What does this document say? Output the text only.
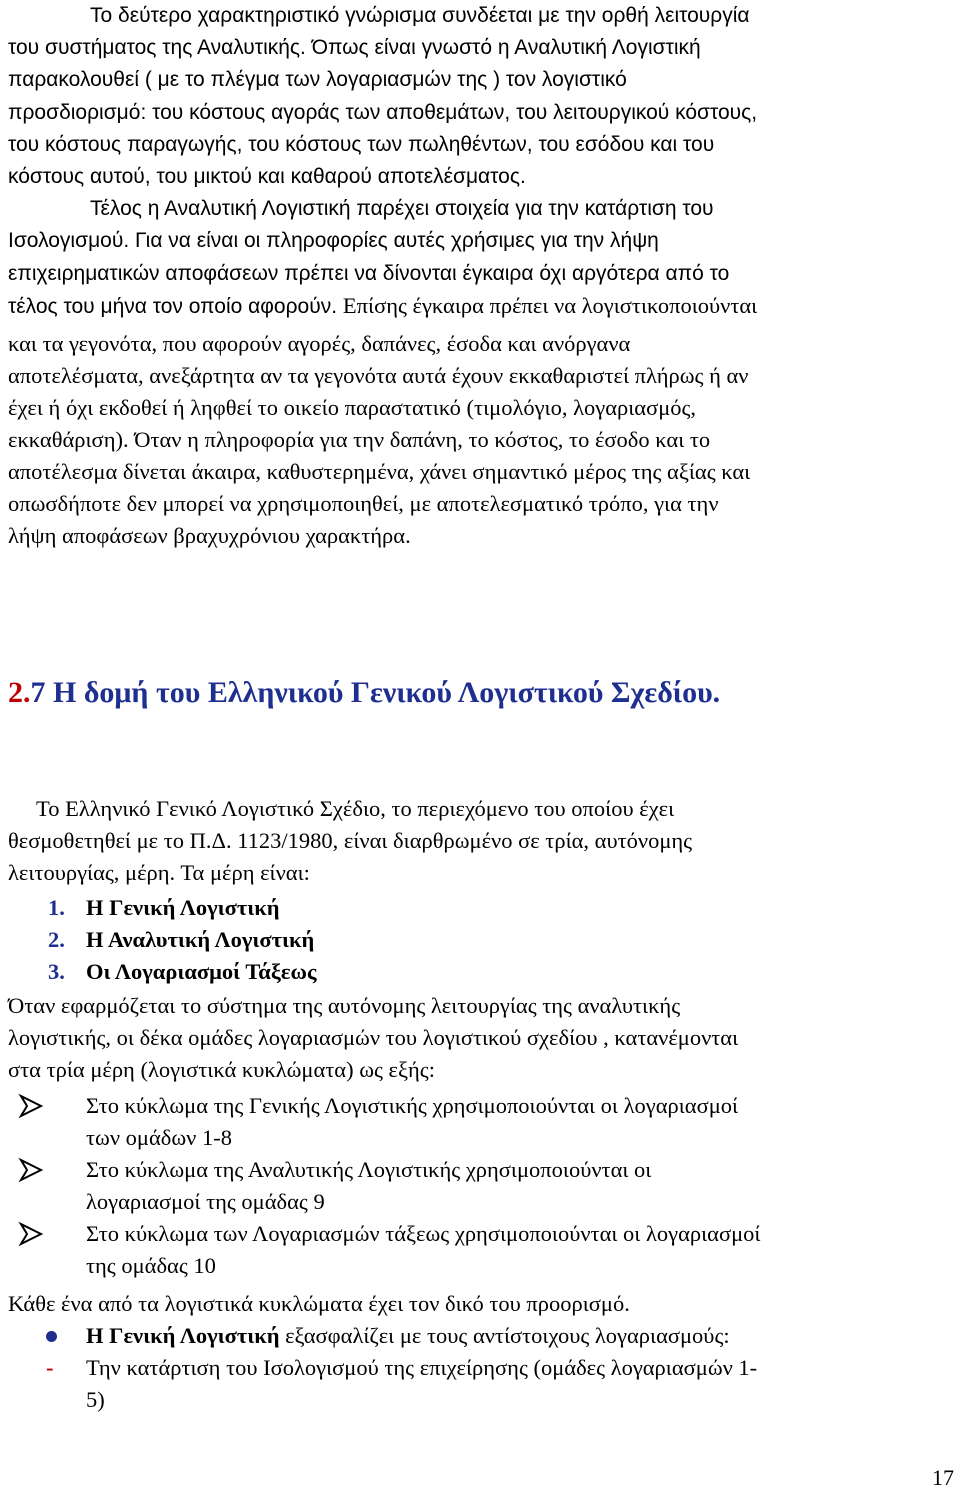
Το δεύτερο χαρακτηριστικό γνώρισμα συνδέεται με την ορθή λειτουργία
του συστήματος της Αναλυτικής. Όπως είναι γνωστό η Αναλυτική Λογιστική
παρακολουθεί ( με το πλέγμα των λογαριασμών της ) τον λογιστικό
προσδιορισμό: του κόστους αγοράς των αποθεμάτων, του λειτουργικού κόστους,
του κόστους παραγωγής, του κόστους των πωληθέντων, του εσόδου και του
κόστους αυτού, του μικτού και καθαρού αποτελέσματος.
Τέλος η Αναλυτική Λογιστική παρέχει στοιχεία για την κατάρτιση του
Ισολογισμού. Για να είναι οι πληροφορίες αυτές χρήσιμες για την λήψη
επιχειρηματικών αποφάσεων πρέπει να δίνονται έγκαιρα όχι αργότερα από το
τέλος του μήνα τον οποίο αφορούν. Επίσης έγκαιρα πρέπει να λογιστικοποιούνται
και τα γεγονότα, που αφορούν αγορές, δαπάνες, έσοδα και ανόργανα
αποτελέσματα, ανεξάρτητα αν τα γεγονότα αυτά έχουν εκκαθαριστεί πλήρως ή αν
έχει ή όχι εκδοθεί ή ληφθεί το οικείο παραστατικό (τιμολόγιο, λογαριασμός,
εκκαθάριση). Όταν η πληροφορία για την δαπάνη, το κόστος, το έσοδο και το
αποτέλεσμα δίνεται άκαιρα, καθυστερημένα, χάνει σημαντικό μέρος της αξίας και
οπωσδήποτε δεν μπορεί να χρησιμοποιηθεί, με αποτελεσματικό τρόπο, για την
λήψη αποφάσεων βραχυχρόνιου χαρακτήρα.
2.7 Η δομή του Ελληνικού Γενικού Λογιστικού Σχεδίου.
Το Ελληνικό Γενικό Λογιστικό Σχέδιο, το περιεχόμενο του οποίου έχει
θεσμοθετηθεί με το Π.Δ. 1123/1980, είναι διαρθρωμένο σε τρία, αυτόνομης
λειτουργίας, μέρη. Τα μέρη είναι:
1. Η Γενική Λογιστική
2. Η Αναλυτική Λογιστική
3. Οι Λογαριασμοί Τάξεως
Όταν εφαρμόζεται το σύστημα της αυτόνομης λειτουργίας της αναλυτικής
λογιστικής, οι δέκα ομάδες λογαριασμών του λογιστικού σχεδίου , κατανέμονται
στα τρία μέρη (λογιστικά κυκλώματα) ως εξής:
Στο κύκλωμα της Γενικής Λογιστικής χρησιμοποιούνται οι λογαριασμοί
των ομάδων 1-8
Στο κύκλωμα της Αναλυτικής Λογιστικής χρησιμοποιούνται οι
λογαριασμοί της ομάδας 9
Στο κύκλωμα των Λογαριασμών τάξεως χρησιμοποιούνται οι λογαριασμοί
της ομάδας 10
Κάθε ένα από τα λογιστικά κυκλώματα έχει τον δικό του προορισμό.
Η Γενική Λογιστική εξασφαλίζει με τους αντίστοιχους λογαριασμούς:
- Την κατάρτιση του Ισολογισμού της επιχείρησης (ομάδες λογαριασμών 1-
5)
17
